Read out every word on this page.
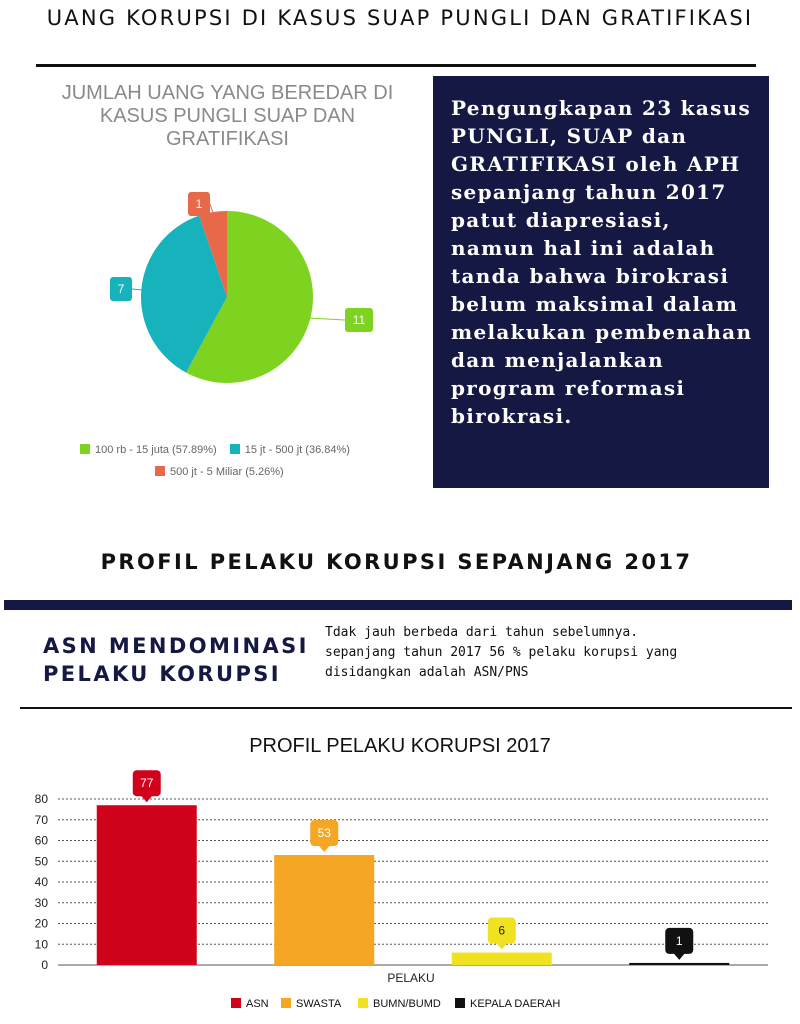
UANG KORUPSI DI KASUS SUAP PUNGLI DAN GRATIFIKASI
JUMLAH UANG YANG BEREDAR DI
KASUS PUNGLI SUAP DAN
GRATIFIKASI
11
7
1
100 rb - 15 juta (57.89%)	15 jt - 500 jt (36.84%)
500 jt - 5 Miliar (5.26%)
Pengungkapan 23 kasus PUNGLI, SUAP dan GRATIFIKASI oleh APH sepanjang tahun 2017 patut diapresiasi, namun hal ini adalah tanda bahwa birokrasi belum maksimal dalam melakukan pembenahan dan menjalankan program reformasi birokrasi.
PROFIL PELAKU KORUPSI SEPANJANG 2017
ASN MENDOMINASI
PELAKU KORUPSI
Tdak jauh berbeda dari tahun sebelumnya.
sepanjang tahun 2017 56 % pelaku korupsi yang
disidangkan adalah ASN/PNS
PROFIL PELAKU KORUPSI 2017
0
10
20
30
40
50
60
70
80
77
53
6
1
PELAKU
ASN SWASTA	BUMN/BUMD	KEPALA DAERAH
